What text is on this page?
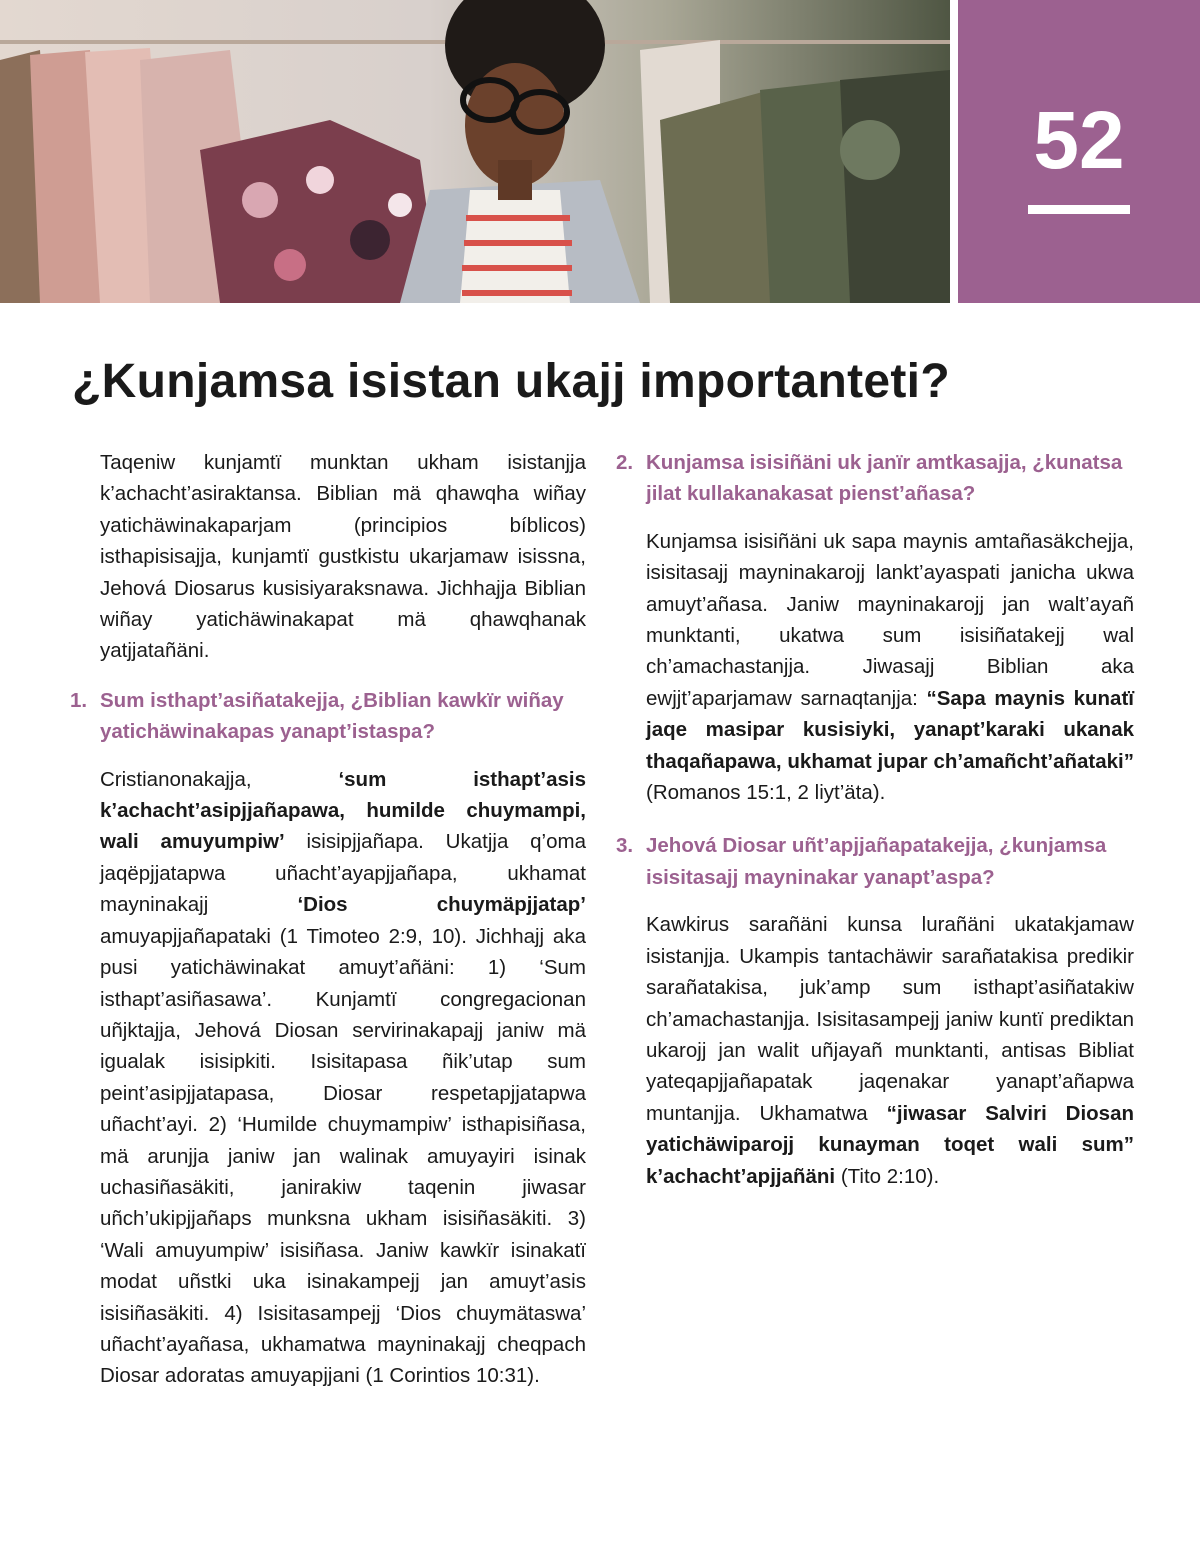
52
¿Kunjamsa isistan ukajj importanteti?

Taqeniw kunjamtï munktan ukham isistanjja k’achacht’asiraktansa. Biblian mä qhawqha wiñay yatichäwinakaparjam (principios bíblicos) isthapisisajja, kunjamtï gustkistu ukarjamaw isissna, Jehová Diosarus kusisiyaraksnawa. Jichhajja Biblian wiñay yatichäwinakapat mä qhawqhanak yatjjatañäni.

1. Sum isthapt’asiñatakejja, ¿Biblian kawkïr wiñay yatichäwinakapas yanapt’istaspa?

Cristianonakajja, ‘sum isthapt’asis k’achacht’asipjjañapawa, humilde chuymampi, wali amuyumpiw’ isisipjjañapa. Ukatjja q’oma jaqëpjjatapwa uñacht’ayapjjañapa, ukhamat mayninakajj ‘Dios chuymäpjjatap’ amuyapjjañapataki (1 Timoteo 2:9, 10). Jichhajj aka pusi yatichäwinakat amuyt’añäni: 1) ‘Sum isthapt’asiñasawa’. Kunjamtï congregacionan uñjktajja, Jehová Diosan servirinakapajj janiw mä igualak isisipkiti. Isisitapasa ñik’utap sum peint’asipjjatapasa, Diosar respetapjjatapwa uñacht’ayi. 2) ‘Humilde chuymampiw’ isthapisiñasa, mä arunjja janiw jan walinak amuyayiri isinak uchasiñasäkiti, janirakiw taqenin jiwasar uñch’ukipjjañaps munksna ukham isisiñasäkiti. 3) ‘Wali amuyumpiw’ isisiñasa. Janiw kawkïr isinakatï modat uñstki uka isinakampejj jan amuyt’asis isisiñasäkiti. 4) Isisitasampejj ‘Dios chuymätaswa’ uñacht’ayañasa, ukhamatwa mayninakajj cheqpach Diosar adoratas amuyapjjani (1 Corintios 10:31).

2. Kunjamsa isisiñäni uk janïr amtkasajja, ¿kunatsa jilat kullakanakasat pienst’añasa?

Kunjamsa isisiñäni uk sapa maynis amtañasäkchejja, isisitasajj mayninakarojj lankt’ayaspati janicha ukwa amuyt’añasa. Janiw mayninakarojj jan walt’ayañ munktanti, ukatwa sum isisiñatakejj wal ch’amachastanjja. Jiwasajj Biblian aka ewjjt’aparjamaw sarnaqtanjja: “Sapa maynis kunatï jaqe masipar kusisiyki, yanapt’karaki ukanak thaqañapawa, ukhamat jupar ch’amañcht’añataki” (Romanos 15:1, 2 liyt’äta).

3. Jehová Diosar uñt’apjjañapatakejja, ¿kunjamsa isisitasajj mayninakar yanapt’aspa?

Kawkirus sarañäni kunsa lurañäni ukatakjamaw isistanjja. Ukampis tantachäwir sarañatakisa predikir sarañatakisa, juk’amp sum isthapt’asiñatakiw ch’amachastanjja. Isisitasampejj janiw kuntï prediktan ukarojj jan walit uñjayañ munktanti, antisas Bibliat yateqapjjañapatak jaqenakar yanapt’añapwa muntanjja. Ukhamatwa “jiwasar Salviri Diosan yatichäwiparojj kunayman toqet wali sum” k’achacht’apjjañäni (Tito 2:10).
